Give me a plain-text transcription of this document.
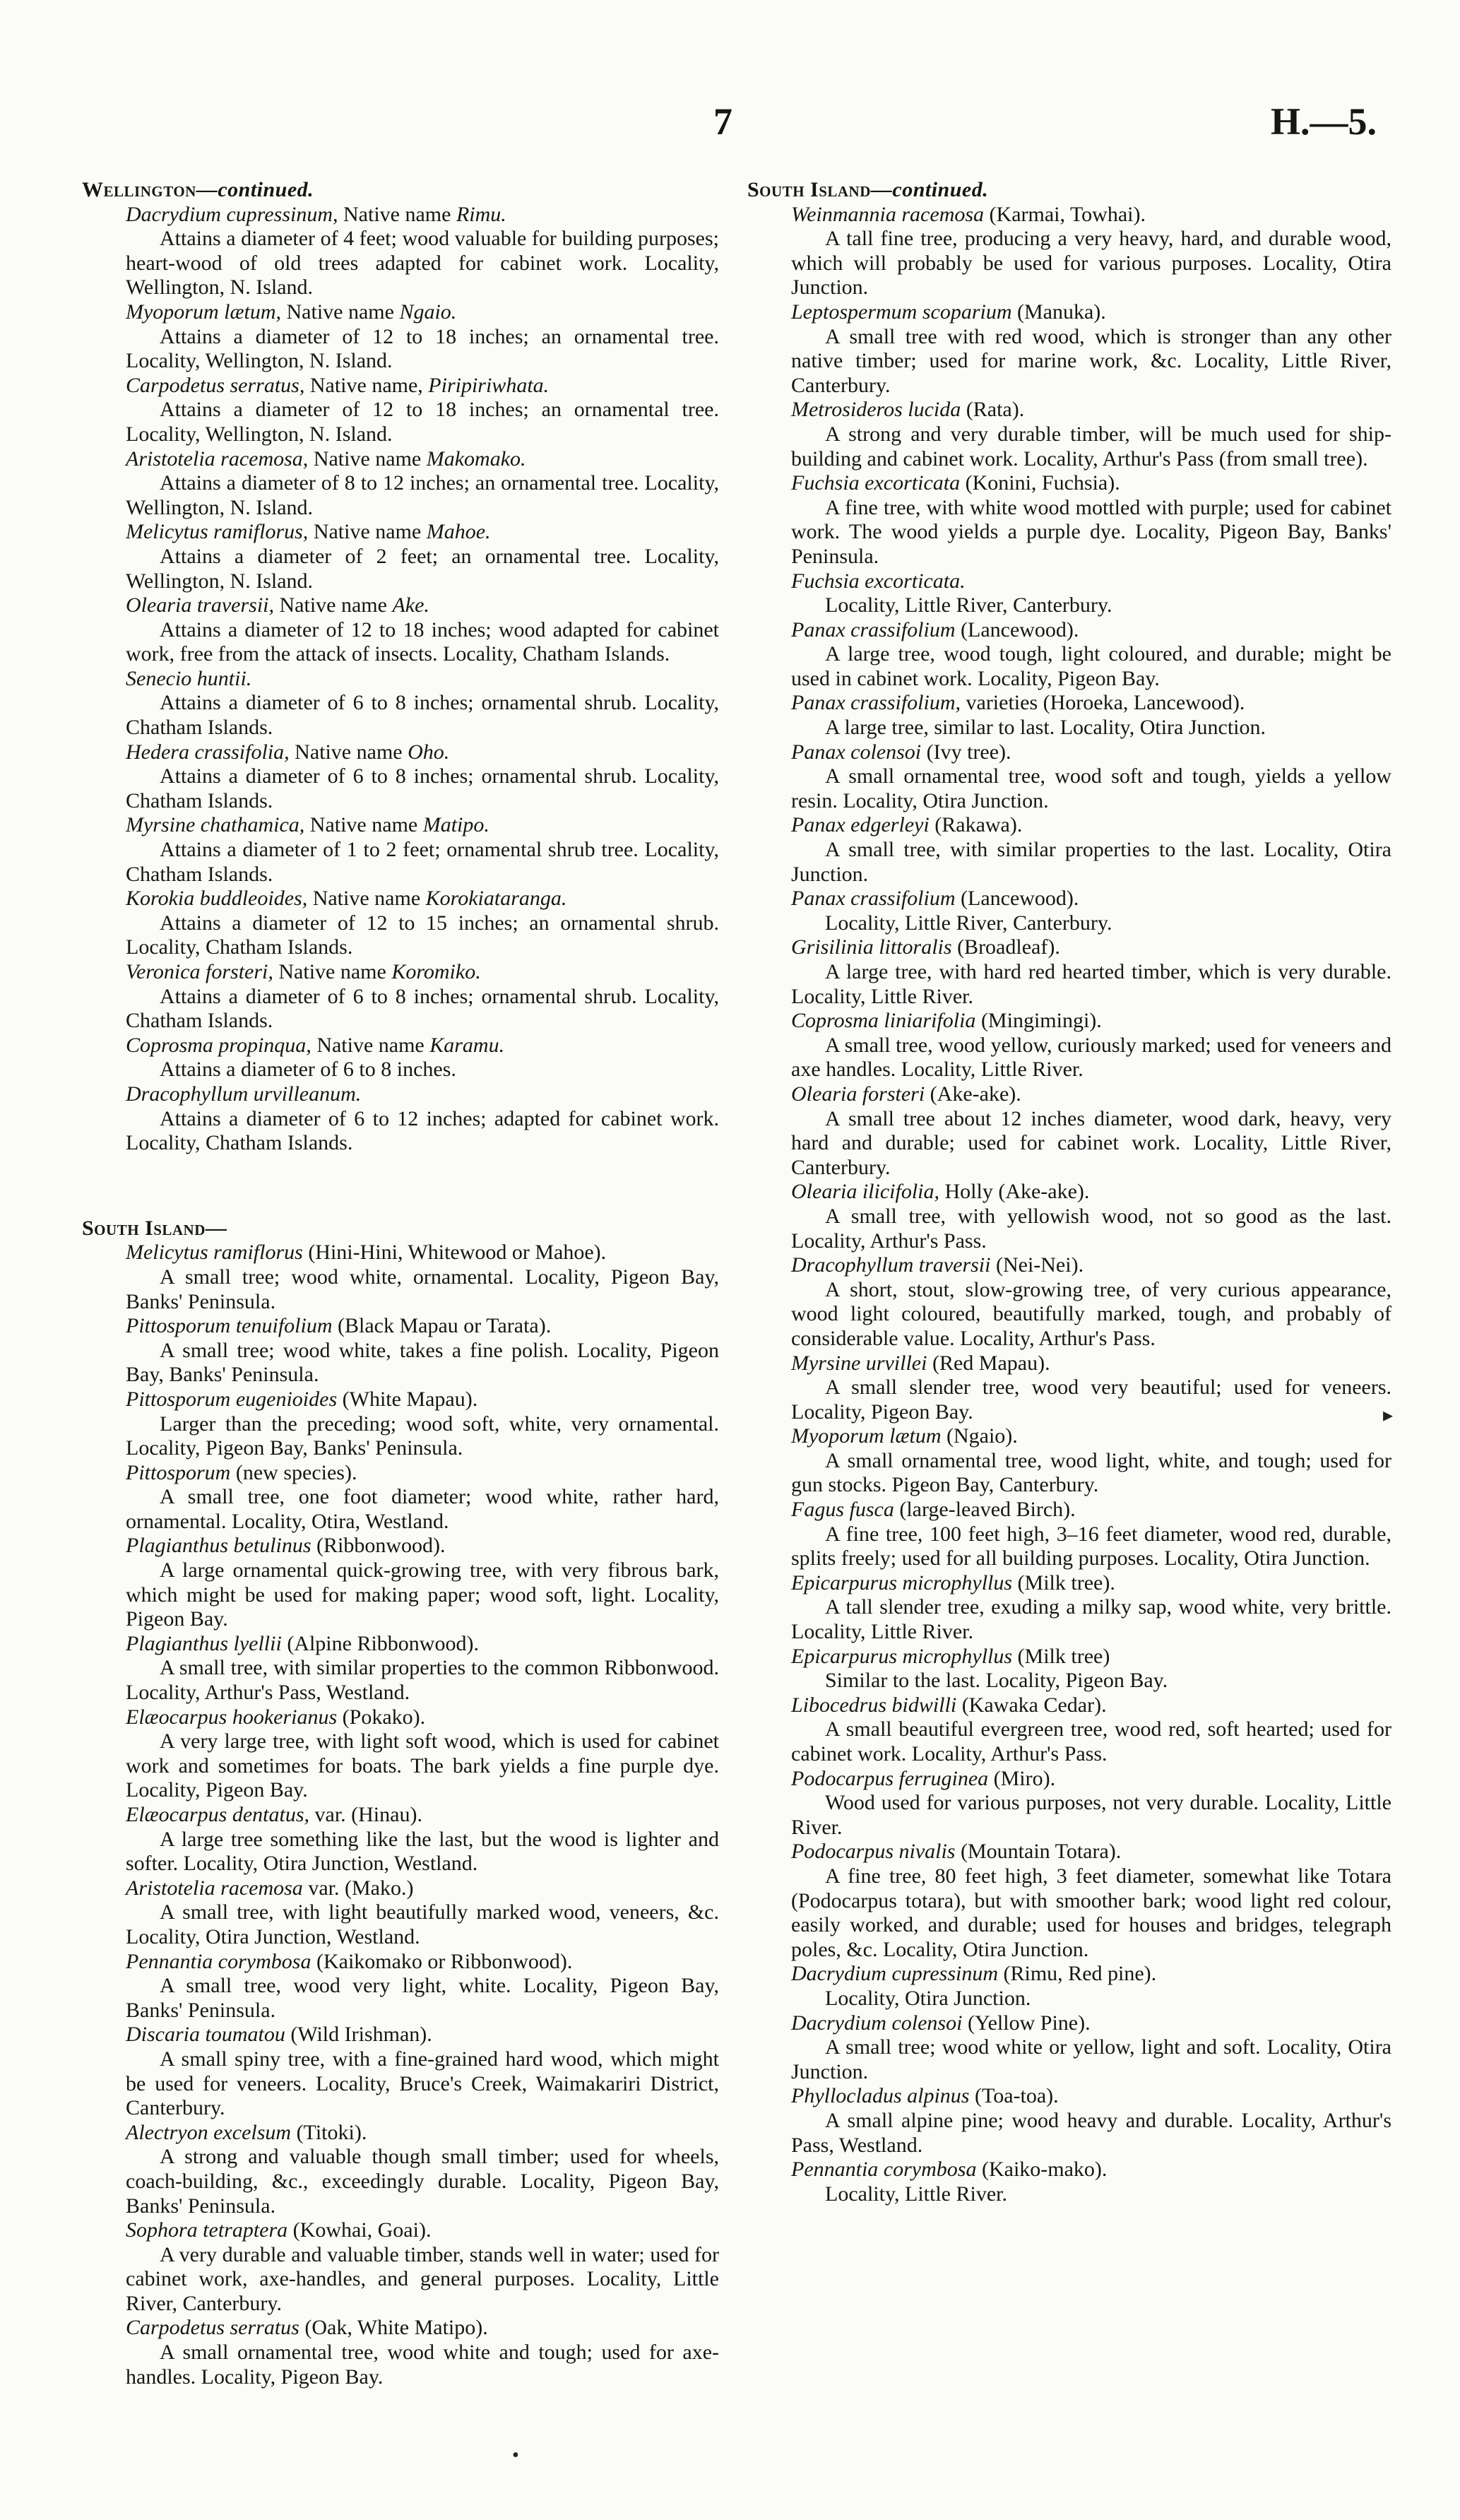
7	H.—5.
Wellington—continued.
Dacrydium cupressinum, Native name Rimu.
Attains a diameter of 4 feet; wood valuable for building purposes; heart-wood of old trees adapted for cabinet work. Locality, Wellington, N. Island.
Myoporum lætum, Native name Ngaio.
Attains a diameter of 12 to 18 inches; an ornamental tree. Locality, Wellington, N. Island.
Carpodetus serratus, Native name, Piripiriwhata.
Attains a diameter of 12 to 18 inches; an ornamental tree. Locality, Wellington, N. Island.
Aristotelia racemosa, Native name Makomako.
Attains a diameter of 8 to 12 inches; an ornamental tree. Locality, Wellington, N. Island.
Melicytus ramiflorus, Native name Mahoe.
Attains a diameter of 2 feet; an ornamental tree. Locality, Wellington, N. Island.
Olearia traversii, Native name Ake.
Attains a diameter of 12 to 18 inches; wood adapted for cabinet work, free from the attack of insects. Locality, Chatham Islands.
Senecio huntii.
Attains a diameter of 6 to 8 inches; ornamental shrub. Locality, Chatham Islands.
Hedera crassifolia, Native name Oho.
Attains a diameter of 6 to 8 inches; ornamental shrub. Locality, Chatham Islands.
Myrsine chathamica, Native name Matipo.
Attains a diameter of 1 to 2 feet; ornamental shrub tree. Locality, Chatham Islands.
Korokia buddleoides, Native name Korokiataranga.
Attains a diameter of 12 to 15 inches; an ornamental shrub. Locality, Chatham Islands.
Veronica forsteri, Native name Koromiko.
Attains a diameter of 6 to 8 inches; ornamental shrub. Locality, Chatham Islands.
Coprosma propinqua, Native name Karamu.
Attains a diameter of 6 to 8 inches.
Dracophyllum urvilleanum.
Attains a diameter of 6 to 12 inches; adapted for cabinet work. Locality, Chatham Islands.
South Island—
Melicytus ramiflorus (Hini-Hini, Whitewood or Mahoe).
A small tree; wood white, ornamental. Locality, Pigeon Bay, Banks' Peninsula.
Pittosporum tenuifolium (Black Mapau or Tarata).
A small tree; wood white, takes a fine polish. Locality, Pigeon Bay, Banks' Peninsula.
Pittosporum eugenioides (White Mapau).
Larger than the preceding; wood soft, white, very ornamental. Locality, Pigeon Bay, Banks' Peninsula.
Pittosporum (new species).
A small tree, one foot diameter; wood white, rather hard, ornamental. Locality, Otira, Westland.
Plagianthus betulinus (Ribbonwood).
A large ornamental quick-growing tree, with very fibrous bark, which might be used for making paper; wood soft, light. Locality, Pigeon Bay.
Plagianthus lyellii (Alpine Ribbonwood).
A small tree, with similar properties to the common Ribbonwood. Locality, Arthur's Pass, Westland.
Elæocarpus hookerianus (Pokako).
A very large tree, with light soft wood, which is used for cabinet work and sometimes for boats. The bark yields a fine purple dye. Locality, Pigeon Bay.
Elæocarpus dentatus, var. (Hinau).
A large tree something like the last, but the wood is lighter and softer. Locality, Otira Junction, Westland.
Aristotelia racemosa var. (Mako.)
A small tree, with light beautifully marked wood, veneers, &c. Locality, Otira Junction, Westland.
Pennantia corymbosa (Kaikomako or Ribbonwood).
A small tree, wood very light, white. Locality, Pigeon Bay, Banks' Peninsula.
Discaria toumatou (Wild Irishman).
A small spiny tree, with a fine-grained hard wood, which might be used for veneers. Locality, Bruce's Creek, Waimakariri District, Canterbury.
Alectryon excelsum (Titoki).
A strong and valuable though small timber; used for wheels, coach-building, &c., exceedingly durable. Locality, Pigeon Bay, Banks' Peninsula.
Sophora tetraptera (Kowhai, Goai).
A very durable and valuable timber, stands well in water; used for cabinet work, axe-handles, and general purposes. Locality, Little River, Canterbury.
Carpodetus serratus (Oak, White Matipo).
A small ornamental tree, wood white and tough; used for axe-handles. Locality, Pigeon Bay.
South Island—continued.
Weinmannia racemosa (Karmai, Towhai).
A tall fine tree, producing a very heavy, hard, and durable wood, which will probably be used for various purposes. Locality, Otira Junction.
Leptospermum scoparium (Manuka).
A small tree with red wood, which is stronger than any other native timber; used for marine work, &c. Locality, Little River, Canterbury.
Metrosideros lucida (Rata).
A strong and very durable timber, will be much used for ship-building and cabinet work. Locality, Arthur's Pass (from small tree).
Fuchsia excorticata (Konini, Fuchsia).
A fine tree, with white wood mottled with purple; used for cabinet work. The wood yields a purple dye. Locality, Pigeon Bay, Banks' Peninsula.
Fuchsia excorticata.
Locality, Little River, Canterbury.
Panax crassifolium (Lancewood).
A large tree, wood tough, light coloured, and durable; might be used in cabinet work. Locality, Pigeon Bay.
Panax crassifolium, varieties (Horoeka, Lancewood).
A large tree, similar to last. Locality, Otira Junction.
Panax colensoi (Ivy tree).
A small ornamental tree, wood soft and tough, yields a yellow resin. Locality, Otira Junction.
Panax edgerleyi (Rakawa).
A small tree, with similar properties to the last. Locality, Otira Junction.
Panax crassifolium (Lancewood).
Locality, Little River, Canterbury.
Grisilinia littoralis (Broadleaf).
A large tree, with hard red hearted timber, which is very durable. Locality, Little River.
Coprosma liniarifolia (Mingimingi).
A small tree, wood yellow, curiously marked; used for veneers and axe handles. Locality, Little River.
Olearia forsteri (Ake-ake).
A small tree about 12 inches diameter, wood dark, heavy, very hard and durable; used for cabinet work. Locality, Little River, Canterbury.
Olearia ilicifolia, Holly (Ake-ake).
A small tree, with yellowish wood, not so good as the last. Locality, Arthur's Pass.
Dracophyllum traversii (Nei-Nei).
A short, stout, slow-growing tree, of very curious appearance, wood light coloured, beautifully marked, tough, and probably of considerable value. Locality, Arthur's Pass.
Myrsine urvillei (Red Mapau).
A small slender tree, wood very beautiful; used for veneers. Locality, Pigeon Bay.
Myoporum lætum (Ngaio).
A small ornamental tree, wood light, white, and tough; used for gun stocks. Pigeon Bay, Canterbury.
Fagus fusca (large-leaved Birch).
A fine tree, 100 feet high, 3–16 feet diameter, wood red, durable, splits freely; used for all building purposes. Locality, Otira Junction.
Epicarpurus microphyllus (Milk tree).
A tall slender tree, exuding a milky sap, wood white, very brittle. Locality, Little River.
Epicarpurus microphyllus (Milk tree)
Similar to the last. Locality, Pigeon Bay.
Libocedrus bidwilli (Kawaka Cedar).
A small beautiful evergreen tree, wood red, soft hearted; used for cabinet work. Locality, Arthur's Pass.
Podocarpus ferruginea (Miro).
Wood used for various purposes, not very durable. Locality, Little River.
Podocarpus nivalis (Mountain Totara).
A fine tree, 80 feet high, 3 feet diameter, somewhat like Totara (Podocarpus totara), but with smoother bark; wood light red colour, easily worked, and durable; used for houses and bridges, telegraph poles, &c. Locality, Otira Junction.
Dacrydium cupressinum (Rimu, Red pine).
Locality, Otira Junction.
Dacrydium colensoi (Yellow Pine).
A small tree; wood white or yellow, light and soft. Locality, Otira Junction.
Phyllocladus alpinus (Toa-toa).
A small alpine pine; wood heavy and durable. Locality, Arthur's Pass, Westland.
Pennantia corymbosa (Kaiko-mako).
Locality, Little River.
▸
•
